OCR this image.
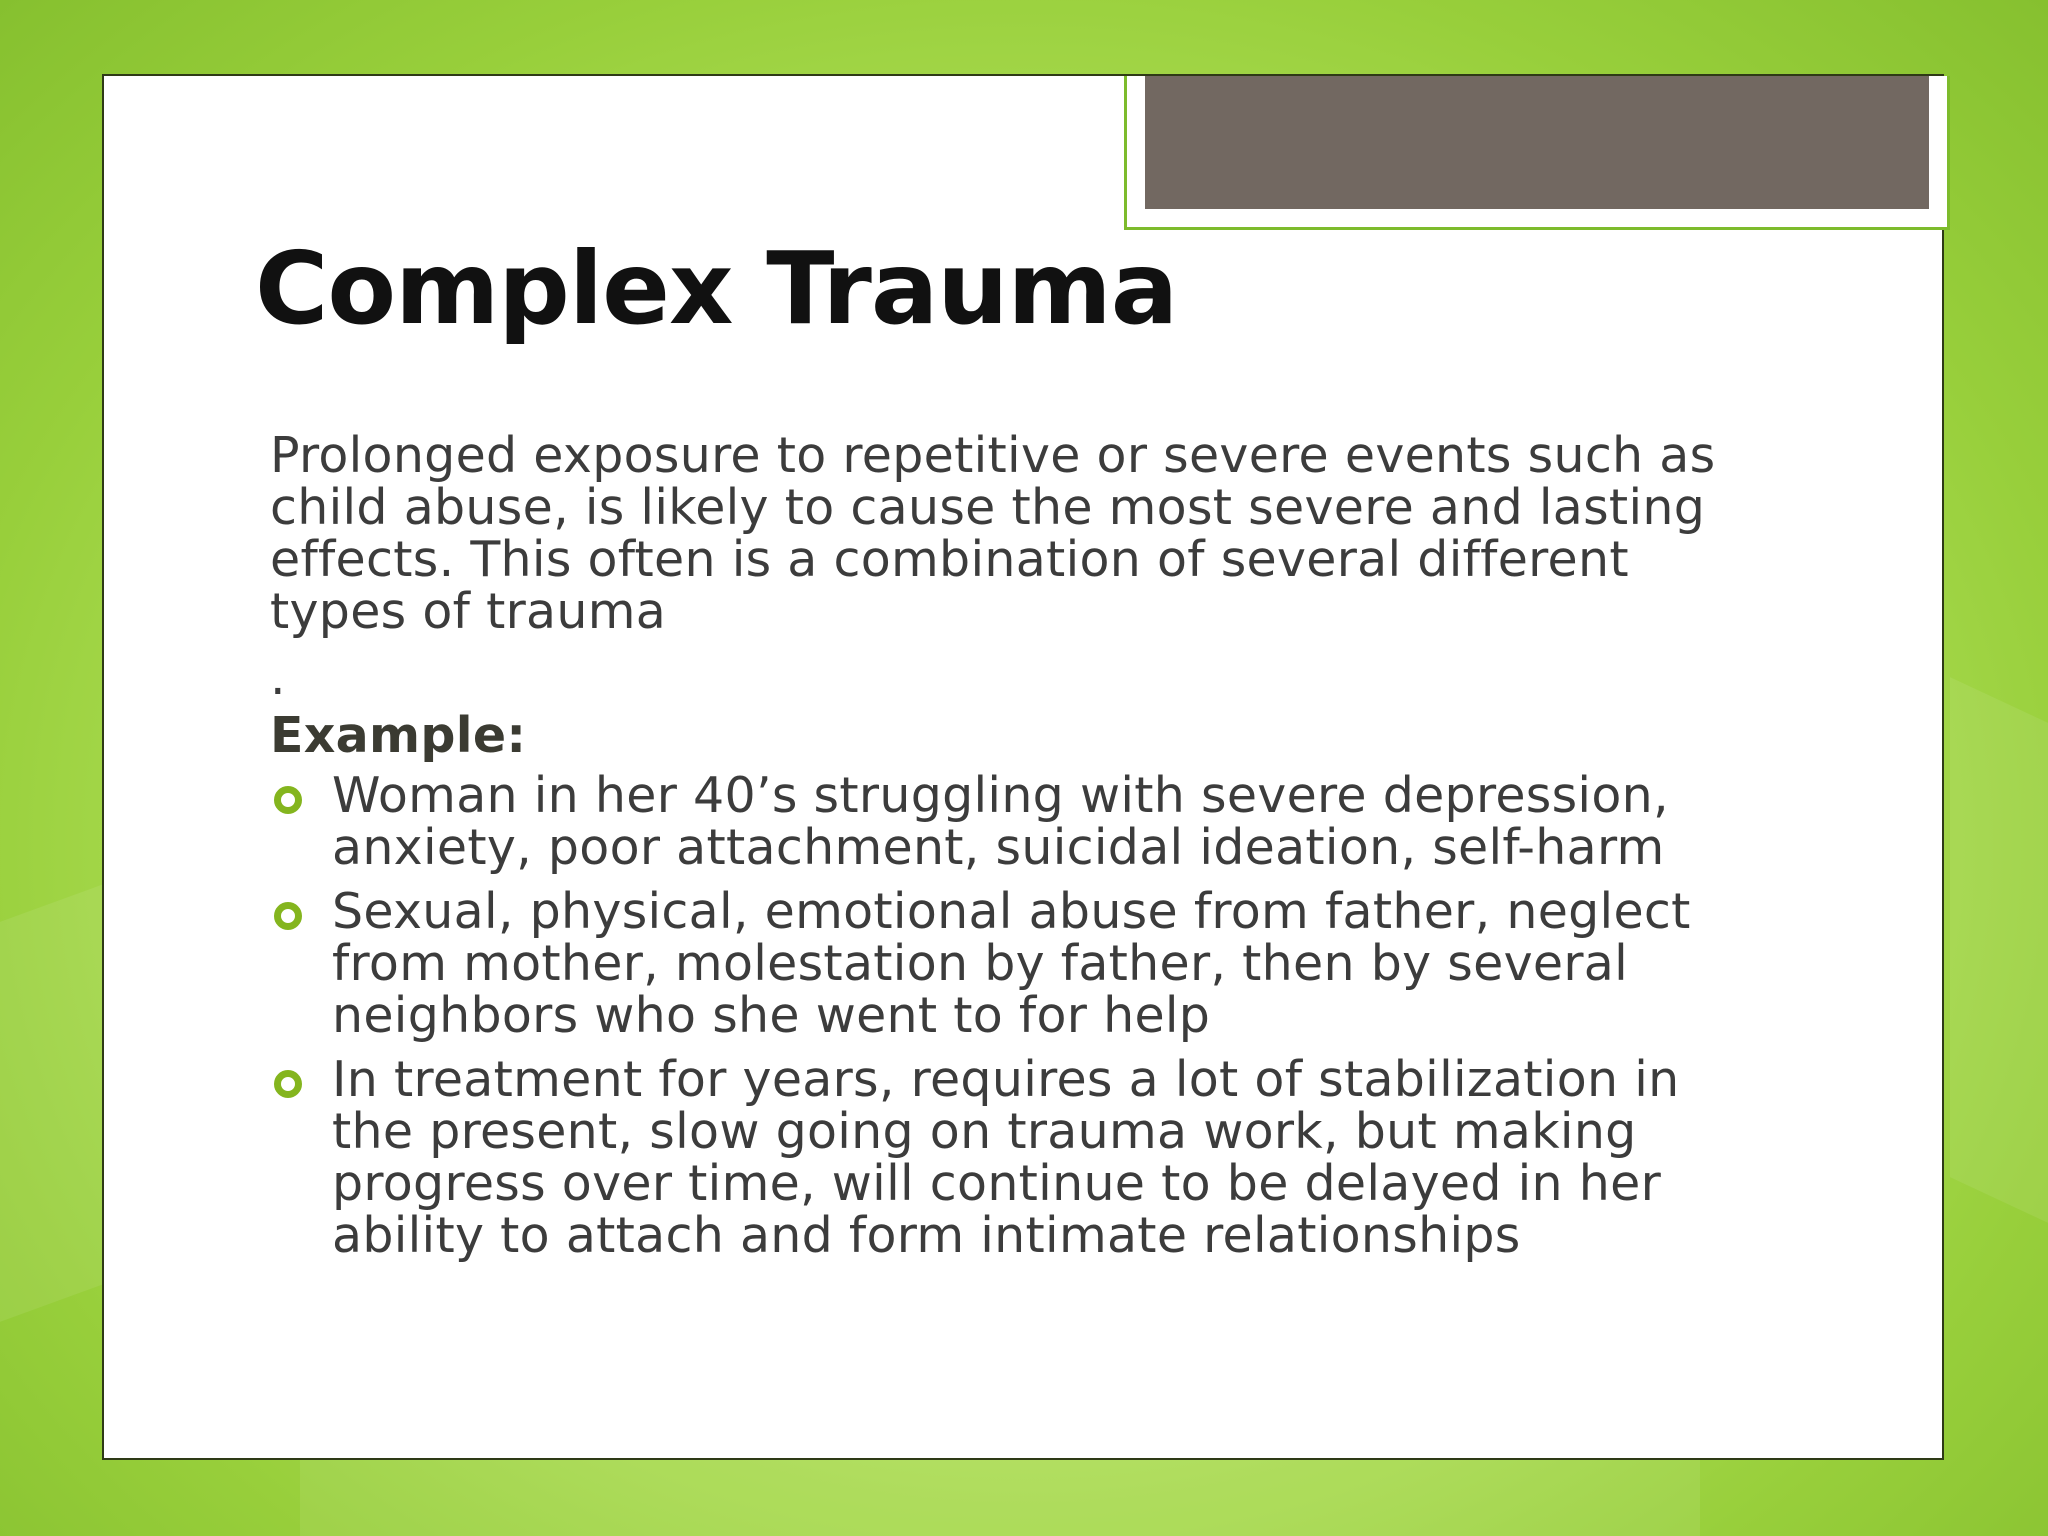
Complex Trauma

Prolonged exposure to repetitive or severe events such as child abuse, is likely to cause the most severe and lasting effects. This often is a combination of several different types of trauma

.

Example:

Woman in her 40’s struggling with severe depression, anxiety, poor attachment, suicidal ideation, self-harm
Sexual, physical, emotional abuse from father, neglect from mother, molestation by father, then by several neighbors who she went to for help
In treatment for years, requires a lot of stabilization in the present, slow going on trauma work, but making progress over time, will continue to be delayed in her ability to attach and form intimate relationships
